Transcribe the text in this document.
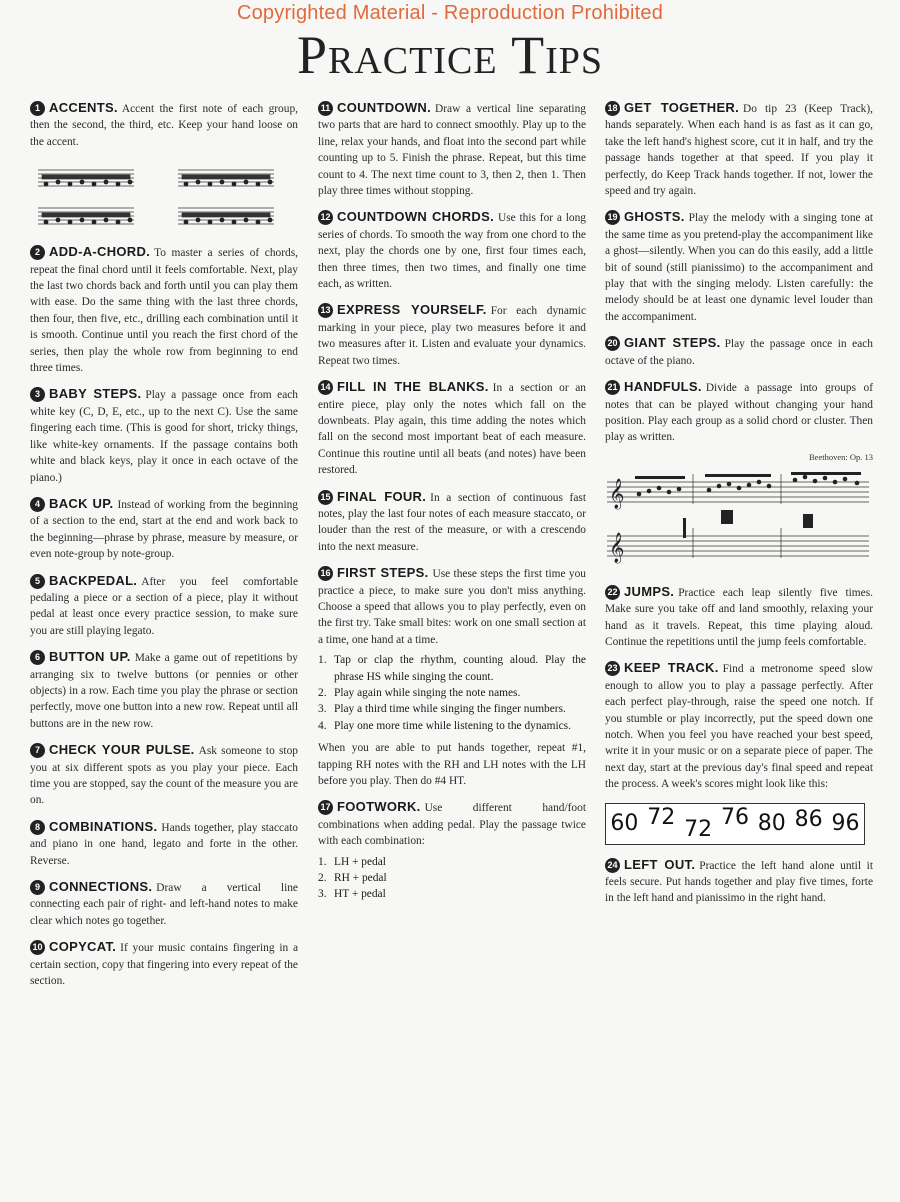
Copyrighted Material - Reproduction Prohibited
Practice Tips
1 ACCENTS. Accent the first note of each group, then the second, the third, etc. Keep your hand loose on the accent.
2 ADD-A-CHORD. To master a series of chords, repeat the final chord until it feels comfortable. Next, play the last two chords back and forth until you can play them with ease. Do the same thing with the last three chords, then four, then five, etc., drilling each combination until it is smooth. Continue until you reach the first chord of the series, then play the whole row from beginning to end three times.
3 BABY STEPS. Play a passage once from each white key (C, D, E, etc., up to the next C). Use the same fingering each time. (This is good for short, tricky things, like white-key ornaments. If the passage contains both white and black keys, play it once in each octave of the piano.)
4 BACK UP. Instead of working from the beginning of a section to the end, start at the end and work back to the beginning—phrase by phrase, measure by measure, or even note-group by note-group.
5 BACKPEDAL. After you feel comfortable pedaling a piece or a section of a piece, play it without pedal at least once every practice session, to make sure you are still playing legato.
6 BUTTON UP. Make a game out of repetitions by arranging six to twelve buttons (or pennies or other objects) in a row. Each time you play the phrase or section perfectly, move one button into a new row. Repeat until all buttons are in the new row.
7 CHECK YOUR PULSE. Ask someone to stop you at six different spots as you play your piece. Each time you are stopped, say the count of the measure you are on.
8 COMBINATIONS. Hands together, play staccato and piano in one hand, legato and forte in the other. Reverse.
9 CONNECTIONS. Draw a vertical line connecting each pair of right- and left-hand notes to make clear which notes go together.
10 COPYCAT. If your music contains fingering in a certain section, copy that fingering into every repeat of the section.
11 COUNTDOWN. Draw a vertical line separating two parts that are hard to connect smoothly. Play up to the line, relax your hands, and float into the second part while counting up to 5. Finish the phrase. Repeat, but this time count to 4. The next time count to 3, then 2, then 1. Then play three times without stopping.
12 COUNTDOWN CHORDS. Use this for a long series of chords. To smooth the way from one chord to the next, play the chords one by one, first four times each, then three times, then two times, and finally one time each, as written.
13 EXPRESS YOURSELF. For each dynamic marking in your piece, play two measures before it and two measures after it. Listen and evaluate your dynamics. Repeat two times.
14 FILL IN THE BLANKS. In a section or an entire piece, play only the notes which fall on the downbeats. Play again, this time adding the notes which fall on the second most important beat of each measure. Continue this routine until all beats (and notes) have been restored.
15 FINAL FOUR. In a section of continuous fast notes, play the last four notes of each measure staccato, or louder than the rest of the measure, or with a crescendo into the next measure.
16 FIRST STEPS. Use these steps the first time you practice a piece, to make sure you don't miss anything. Choose a speed that allows you to play perfectly, even on the first try. Take small bites: work on one small section at a time, one hand at a time.
1. Tap or clap the rhythm, counting aloud. Play the phrase HS while singing the count.
2. Play again while singing the note names.
3. Play a third time while singing the finger numbers.
4. Play one more time while listening to the dynamics.
When you are able to put hands together, repeat #1, tapping RH notes with the RH and LH notes with the LH before you play. Then do #4 HT.
17 FOOTWORK. Use different hand/foot combinations when adding pedal. Play the passage twice with each combination:
1. LH + pedal
2. RH + pedal
3. HT + pedal
18 GET TOGETHER. Do tip 23 (Keep Track), hands separately. When each hand is as fast as it can go, take the left hand's highest score, cut it in half, and try the passage hands together at that speed. If you play it perfectly, do Keep Track hands together. If not, lower the speed and try again.
19 GHOSTS. Play the melody with a singing tone at the same time as you pretend-play the accompaniment like a ghost—silently. When you can do this easily, add a little bit of sound (still pianissimo) to the accompaniment and play that with the singing melody. Listen carefully: the melody should be at least one dynamic level louder than the accompaniment.
20 GIANT STEPS. Play the passage once in each octave of the piano.
21 HANDFULS. Divide a passage into groups of notes that can be played without changing your hand position. Play each group as a solid chord or cluster. Then play as written.
Beethoven: Op. 13
𝄞
𝄞
22 JUMPS. Practice each leap silently five times. Make sure you take off and land smoothly, relaxing your hand as it travels. Repeat, this time playing aloud. Continue the repetitions until the jump feels comfortable.
23 KEEP TRACK. Find a metronome speed slow enough to allow you to play a passage perfectly. After each perfect play-through, raise the speed one notch. If you stumble or play incorrectly, put the speed down one notch. When you feel you have reached your best speed, write it in your music or on a separate piece of paper. The next day, start at the previous day's final speed and repeat the process. A week's scores might look like this:
60 72 72 76 80 86 96
24 LEFT OUT. Practice the left hand alone until it feels secure. Put hands together and play five times, forte in the left hand and pianissimo in the right hand.
